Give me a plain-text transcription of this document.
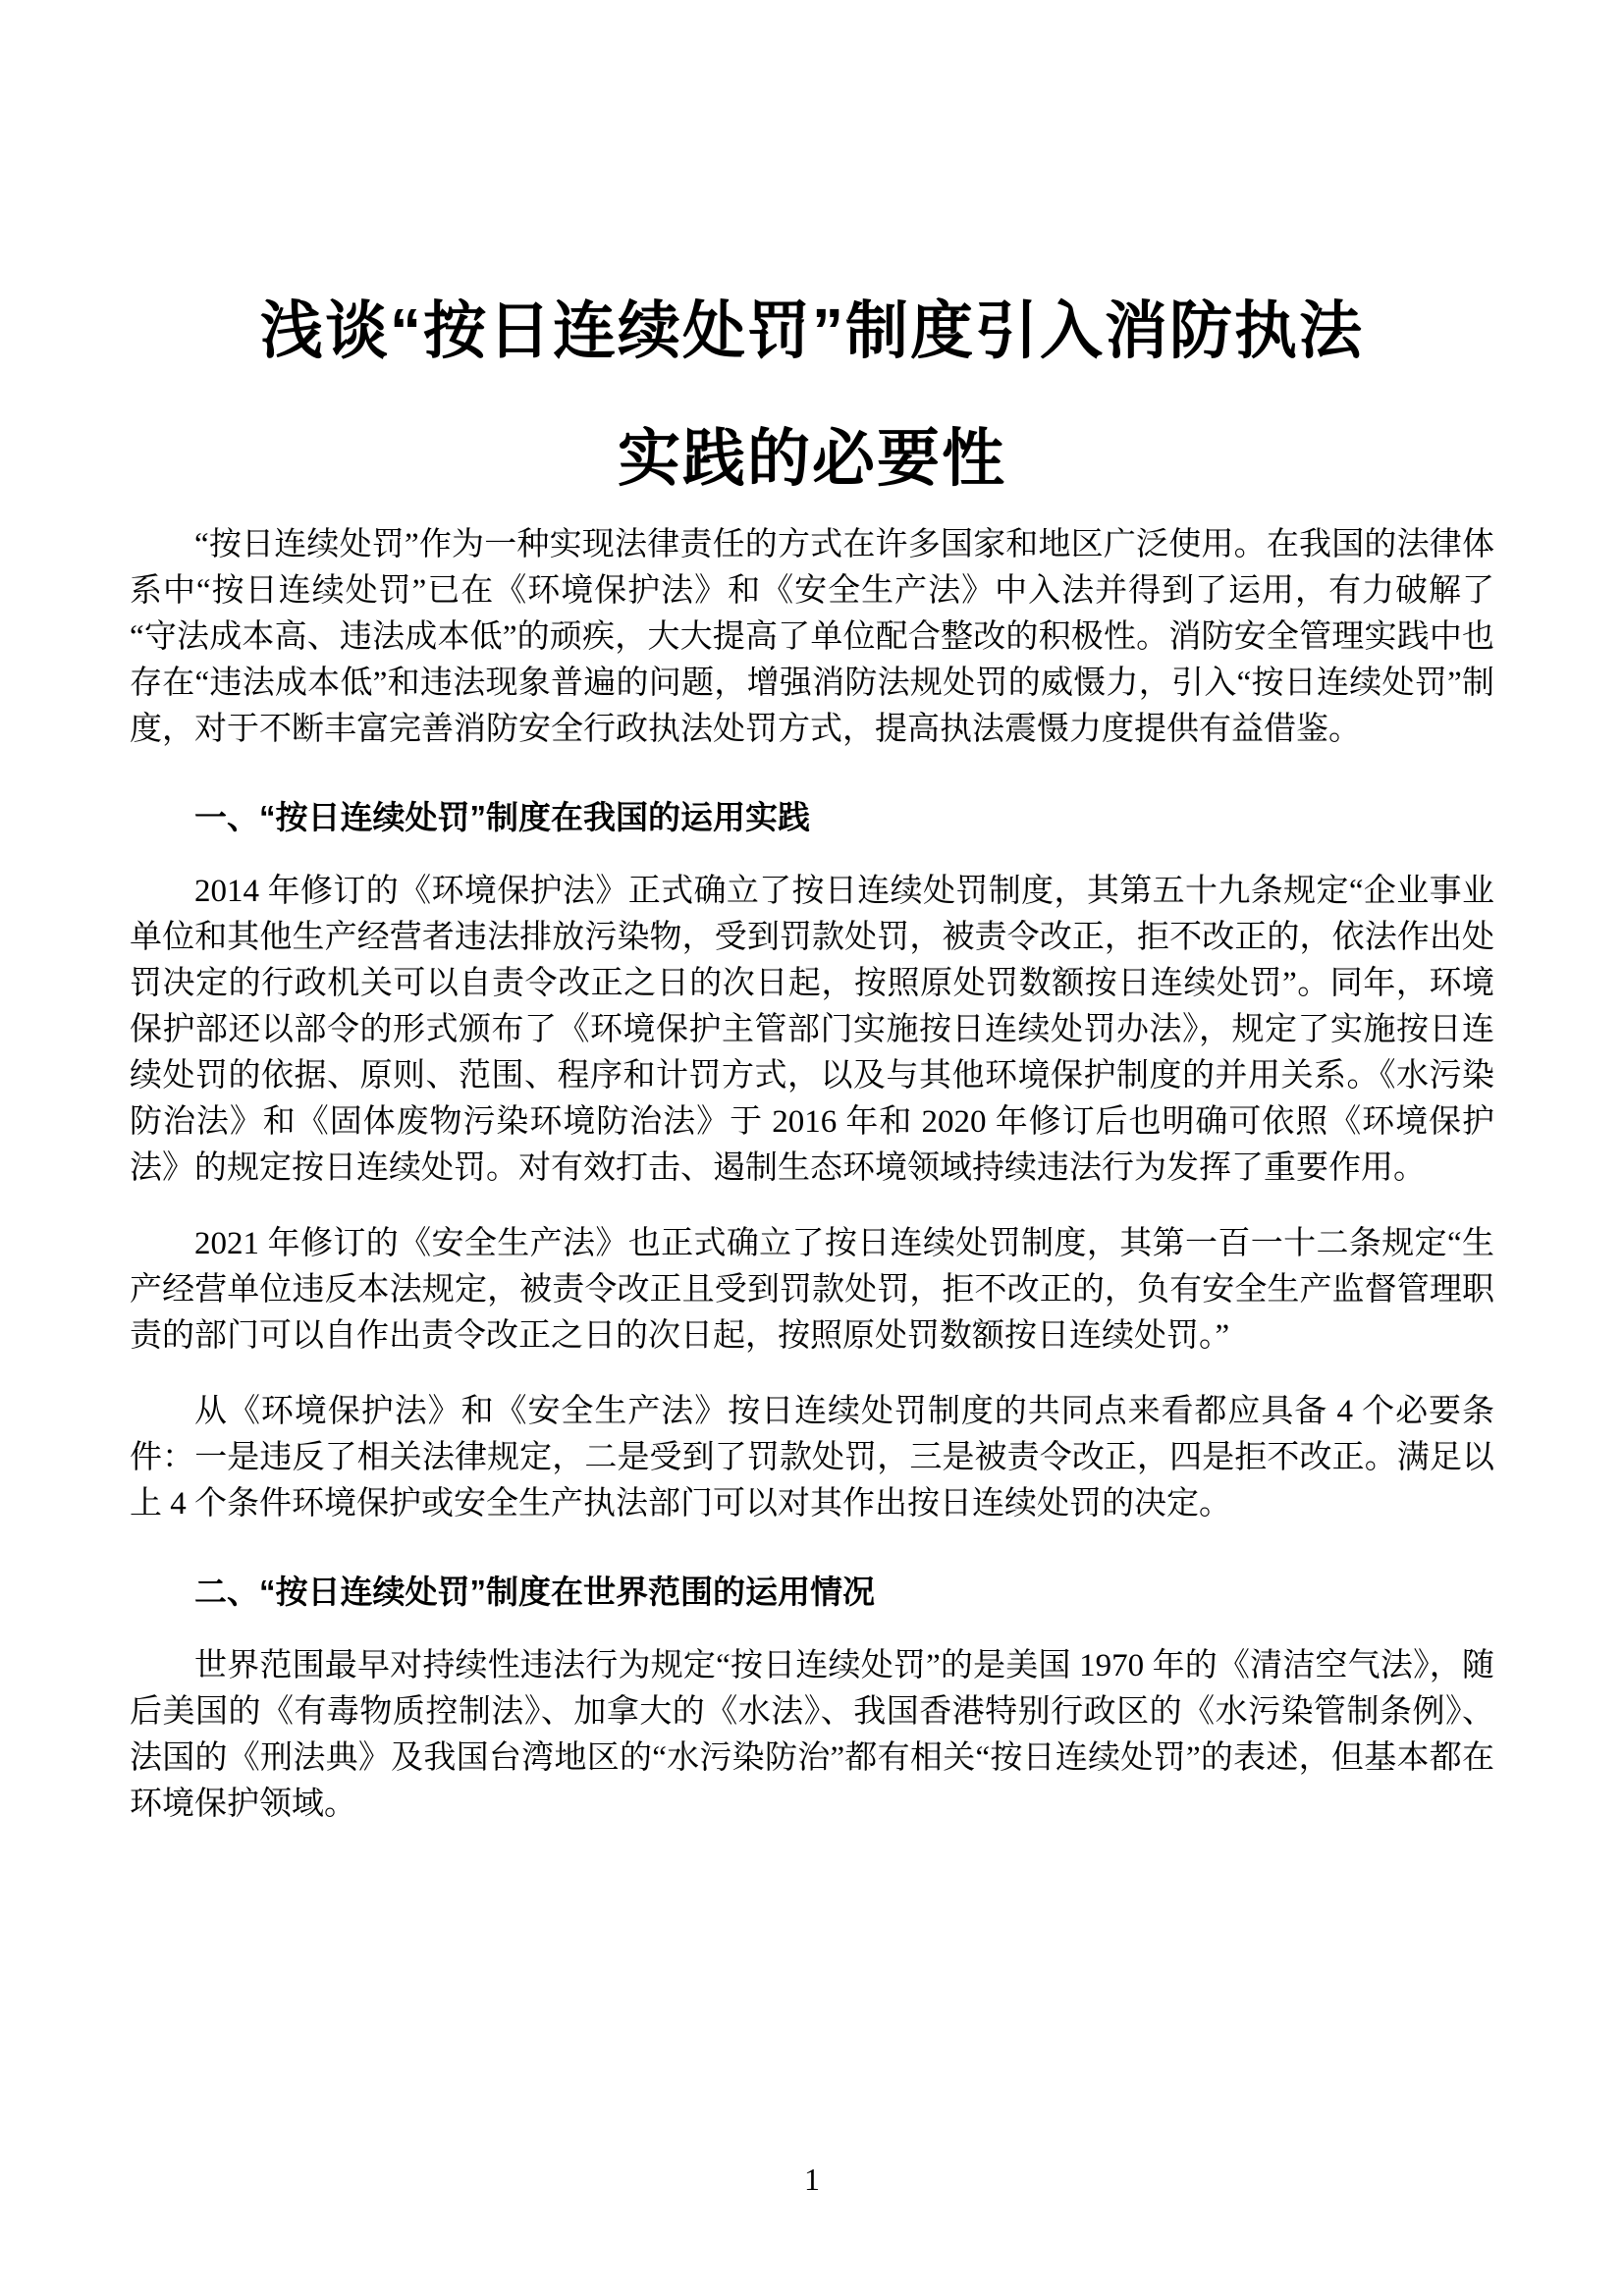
浅谈“按日连续处罚”制度引入消防执法
实践的必要性

“按日连续处罚”作为一种实现法律责任的方式在许多国家和地区广泛使用。在我国的法律体系中“按日连续处罚”已在《环境保护法》和《安全生产法》中入法并得到了运用，有力破解了“守法成本高、违法成本低”的顽疾，大大提高了单位配合整改的积极性。消防安全管理实践中也存在“违法成本低”和违法现象普遍的问题，增强消防法规处罚的威慑力，引入“按日连续处罚”制度，对于不断丰富完善消防安全行政执法处罚方式，提高执法震慑力度提供有益借鉴。

一、“按日连续处罚”制度在我国的运用实践

2014 年修订的《环境保护法》正式确立了按日连续处罚制度，其第五十九条规定“企业事业单位和其他生产经营者违法排放污染物，受到罚款处罚，被责令改正，拒不改正的，依法作出处罚决定的行政机关可以自责令改正之日的次日起，按照原处罚数额按日连续处罚”。同年，环境保护部还以部令的形式颁布了《环境保护主管部门实施按日连续处罚办法》，规定了实施按日连续处罚的依据、原则、范围、程序和计罚方式，以及与其他环境保护制度的并用关系。《水污染防治法》和《固体废物污染环境防治法》于 2016 年和 2020 年修订后也明确可依照《环境保护法》的规定按日连续处罚。对有效打击、遏制生态环境领域持续违法行为发挥了重要作用。

2021 年修订的《安全生产法》也正式确立了按日连续处罚制度，其第一百一十二条规定“生产经营单位违反本法规定，被责令改正且受到罚款处罚，拒不改正的，负有安全生产监督管理职责的部门可以自作出责令改正之日的次日起，按照原处罚数额按日连续处罚。”

从《环境保护法》和《安全生产法》按日连续处罚制度的共同点来看都应具备 4 个必要条件：一是违反了相关法律规定，二是受到了罚款处罚，三是被责令改正，四是拒不改正。满足以上 4 个条件环境保护或安全生产执法部门可以对其作出按日连续处罚的决定。

二、“按日连续处罚”制度在世界范围的运用情况

世界范围最早对持续性违法行为规定“按日连续处罚”的是美国 1970 年的《清洁空气法》，随后美国的《有毒物质控制法》、加拿大的《水法》、我国香港特别行政区的《水污染管制条例》、法国的《刑法典》及我国台湾地区的“水污染防治”都有相关“按日连续处罚”的表述，但基本都在环境保护领域。

1
